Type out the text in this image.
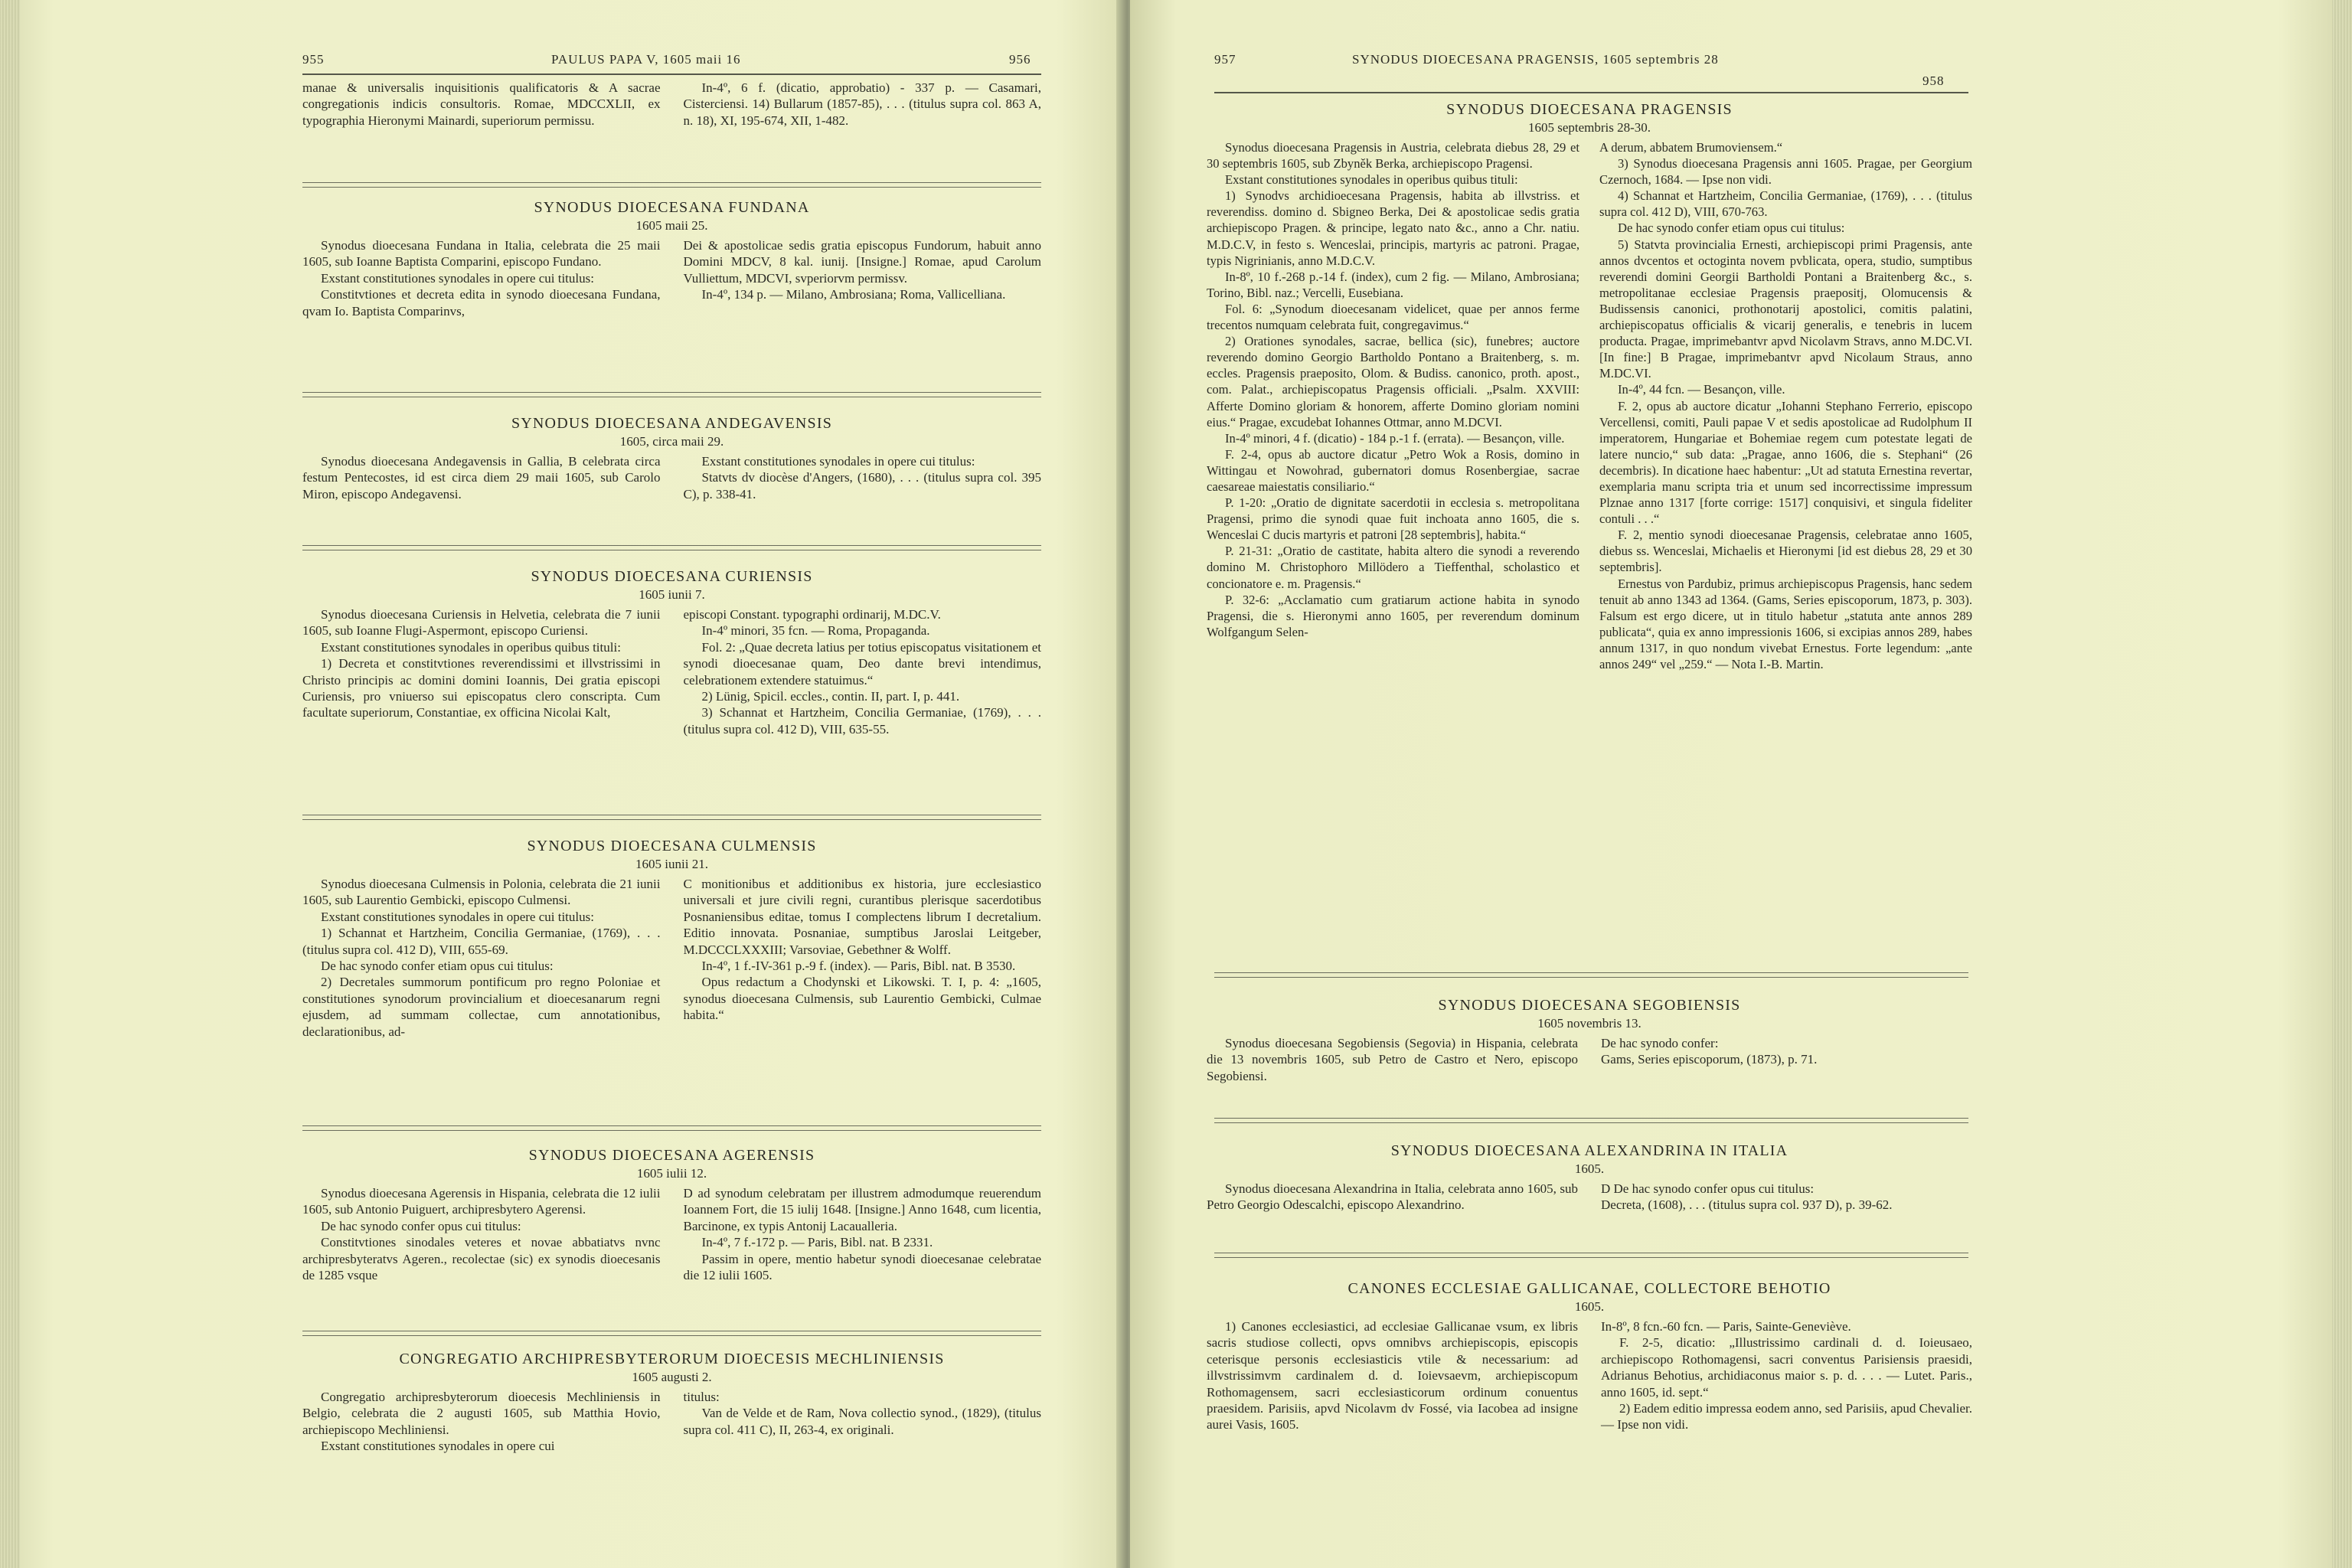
955	PAULUS PAPA V, 1605 maii 16	956

manae & universalis inquisitionis qualificatoris & A sacrae congregationis indicis consultoris. Romae, MDCCXLII, ex typographia Hieronymi Mainardi, superiorum permissu.

In-4º, 6 f. (dicatio, approbatio) - 337 p. — Casamari, Cisterciensi. 14) Bullarum (1857-85), . . . (titulus supra col. 863 A, n. 18), XI, 195-674, XII, 1-482.

SYNODUS DIOECESANA FUNDANA
1605 maii 25.

Synodus dioecesana Fundana in Italia, celebrata die 25 maii 1605, sub Ioanne Baptista Comparini, episcopo Fundano.

Exstant constitutiones synodales in opere cui titulus:

Constitvtiones et decreta edita in synodo dioecesana Fundana, qvam Io. Baptista Comparinvs,

Dei & apostolicae sedis gratia episcopus Fundorum, habuit anno Domini MDCV, 8 kal. iunij. [Insigne.] Romae, apud Carolum Vulliettum, MDCVI, svperiorvm permissv.

In-4º, 134 p. — Milano, Ambrosiana; Roma, Vallicelliana.

SYNODUS DIOECESANA ANDEGAVENSIS
1605, circa maii 29.

Synodus dioecesana Andegavensis in Gallia, B celebrata circa festum Pentecostes, id est circa diem 29 maii 1605, sub Carolo Miron, episcopo Andegavensi.

Exstant constitutiones synodales in opere cui titulus:

Statvts dv diocèse d'Angers, (1680), . . . (titulus supra col. 395 C), p. 338-41.

SYNODUS DIOECESANA CURIENSIS
1605 iunii 7.

Synodus dioecesana Curiensis in Helvetia, celebrata die 7 iunii 1605, sub Ioanne Flugi-Aspermont, episcopo Curiensi.

Exstant constitutiones synodales in operibus quibus tituli:

1) Decreta et constitvtiones reverendissimi et illvstrissimi in Christo principis ac domini domini Ioannis, Dei gratia episcopi Curiensis, pro vniuerso sui episcopatus clero conscripta. Cum facultate superiorum, Constantiae, ex officina Nicolai Kalt,

episcopi Constant. typographi ordinarij, M.DC.V.

In-4º minori, 35 fcn. — Roma, Propaganda.

Fol. 2: „Quae decreta latius per totius episcopatus visitationem et synodi dioecesanae quam, Deo dante brevi intendimus, celebrationem extendere statuimus.“

2) Lünig, Spicil. eccles., contin. II, part. I, p. 441.

3) Schannat et Hartzheim, Concilia Germaniae, (1769), . . . (titulus supra col. 412 D), VIII, 635-55.

SYNODUS DIOECESANA CULMENSIS
1605 iunii 21.

Synodus dioecesana Culmensis in Polonia, celebrata die 21 iunii 1605, sub Laurentio Gembicki, episcopo Culmensi.

Exstant constitutiones synodales in opere cui titulus:

1) Schannat et Hartzheim, Concilia Germaniae, (1769), . . . (titulus supra col. 412 D), VIII, 655-69.

De hac synodo confer etiam opus cui titulus:

2) Decretales summorum pontificum pro regno Poloniae et constitutiones synodorum provincialium et dioecesanarum regni ejusdem, ad summam collectae, cum annotationibus, declarationibus, ad-

C monitionibus et additionibus ex historia, jure ecclesiastico universali et jure civili regni, curantibus plerisque sacerdotibus Posnaniensibus editae, tomus I complectens librum I decretalium. Editio innovata. Posnaniae, sumptibus Jaroslai Leitgeber, M.DCCCLXXXIII; Varsoviae, Gebethner & Wolff.

In-4º, 1 f.-IV-361 p.-9 f. (index). — Paris, Bibl. nat. B 3530.

Opus redactum a Chodynski et Likowski. T. I, p. 4: „1605, synodus dioecesana Culmensis, sub Laurentio Gembicki, Culmae habita.“

SYNODUS DIOECESANA AGERENSIS
1605 iulii 12.

Synodus dioecesana Agerensis in Hispania, celebrata die 12 iulii 1605, sub Antonio Puiguert, archipresbytero Agerensi.

De hac synodo confer opus cui titulus:

Constitvtiones sinodales veteres et novae abbatiatvs nvnc archipresbyteratvs Ageren., recolectae (sic) ex synodis dioecesanis de 1285 vsque

D ad synodum celebratam per illustrem admodumque reuerendum Ioannem Fort, die 15 iulij 1648. [Insigne.] Anno 1648, cum licentia, Barcinone, ex typis Antonij Lacaualleria.

In-4º, 7 f.-172 p. — Paris, Bibl. nat. B 2331.

Passim in opere, mentio habetur synodi dioecesanae celebratae die 12 iulii 1605.

CONGREGATIO ARCHIPRESBYTERORUM DIOECESIS MECHLINIENSIS
1605 augusti 2.

Congregatio archipresbyterorum dioecesis Mechliniensis in Belgio, celebrata die 2 augusti 1605, sub Matthia Hovio, archiepiscopo Mechliniensi.

Exstant constitutiones synodales in opere cui

titulus:

Van de Velde et de Ram, Nova collectio synod., (1829), (titulus supra col. 411 C), II, 263-4, ex originali.

957	SYNODUS DIOECESANA PRAGENSIS, 1605 septembris 28
958
SYNODUS DIOECESANA PRAGENSIS
1605 septembris 28-30.

Synodus dioecesana Pragensis in Austria, celebrata diebus 28, 29 et 30 septembris 1605, sub Zbyněk Berka, archiepiscopo Pragensi.

Exstant constitutiones synodales in operibus quibus tituli:

1) Synodvs archidioecesana Pragensis, habita ab illvstriss. et reverendiss. domino d. Sbigneo Berka, Dei & apostolicae sedis gratia archiepiscopo Pragen. & principe, legato nato &c., anno a Chr. natiu. M.D.C.V, in festo s. Wenceslai, principis, martyris ac patroni. Pragae, typis Nigrinianis, anno M.D.C.V.

In-8º, 10 f.-268 p.-14 f. (index), cum 2 fig. — Milano, Ambrosiana; Torino, Bibl. naz.; Vercelli, Eusebiana.

Fol. 6: „Synodum dioecesanam videlicet, quae per annos ferme trecentos numquam celebrata fuit, congregavimus.“

2) Orationes synodales, sacrae, bellica (sic), funebres; auctore reverendo domino Georgio Bartholdo Pontano a Braitenberg, s. m. eccles. Pragensis praeposito, Olom. & Budiss. canonico, proth. apost., com. Palat., archiepiscopatus Pragensis officiali. „Psalm. XXVIII: Afferte Domino gloriam & honorem, afferte Domino gloriam nomini eius.“ Pragae, excudebat Iohannes Ottmar, anno M.DCVI.

In-4º minori, 4 f. (dicatio) - 184 p.-1 f. (errata). — Besançon, ville.

F. 2-4, opus ab auctore dicatur „Petro Wok a Rosis, domino in Wittingau et Nowohrad, gubernatori domus Rosenbergiae, sacrae caesareae maiestatis consiliario.“

P. 1-20: „Oratio de dignitate sacerdotii in ecclesia s. metropolitana Pragensi, primo die synodi quae fuit inchoata anno 1605, die s. Wenceslai C ducis martyris et patroni [28 septembris], habita.“

P. 21-31: „Oratio de castitate, habita altero die synodi a reverendo domino M. Christophoro Millödero a Tieffenthal, scholastico et concionatore e. m. Pragensis.“

P. 32-6: „Acclamatio cum gratiarum actione habita in synodo Pragensi, die s. Hieronymi anno 1605, per reverendum dominum Wolfgangum Selen-

A derum, abbatem Brumoviensem.“

3) Synodus dioecesana Pragensis anni 1605. Pragae, per Georgium Czernoch, 1684. — Ipse non vidi.

4) Schannat et Hartzheim, Concilia Germaniae, (1769), . . . (titulus supra col. 412 D), VIII, 670-763.

De hac synodo confer etiam opus cui titulus:

5) Statvta provincialia Ernesti, archiepiscopi primi Pragensis, ante annos dvcentos et octoginta novem pvblicata, opera, studio, sumptibus reverendi domini Georgii Bartholdi Pontani a Braitenberg &c., s. metropolitanae ecclesiae Pragensis praepositj, Olomucensis & Budissensis canonici, prothonotarij apostolici, comitis palatini, archiepiscopatus officialis & vicarij generalis, e tenebris in lucem producta. Pragae, imprimebantvr apvd Nicolavm Stravs, anno M.DC.VI. [In fine:] B Pragae, imprimebantvr apvd Nicolaum Straus, anno M.DC.VI.

In-4º, 44 fcn. — Besançon, ville.

F. 2, opus ab auctore dicatur „Iohanni Stephano Ferrerio, episcopo Vercellensi, comiti, Pauli papae V et sedis apostolicae ad Rudolphum II imperatorem, Hungariae et Bohemiae regem cum potestate legati de latere nuncio,“ sub data: „Pragae, anno 1606, die s. Stephani“ (26 decembris). In dicatione haec habentur: „Ut ad statuta Ernestina revertar, exemplaria manu scripta tria et unum sed incorrectissime impressum Plznae anno 1317 [forte corrige: 1517] conquisivi, et singula fideliter contuli . . .“

F. 2, mentio synodi dioecesanae Pragensis, celebratae anno 1605, diebus ss. Wenceslai, Michaelis et Hieronymi [id est diebus 28, 29 et 30 septembris].

Ernestus von Pardubiz, primus archiepiscopus Pragensis, hanc sedem tenuit ab anno 1343 ad 1364. (Gams, Series episcoporum, 1873, p. 303). Falsum est ergo dicere, ut in titulo habetur „statuta ante annos 289 publicata“, quia ex anno impressionis 1606, si excipias annos 289, habes annum 1317, in quo nondum vivebat Ernestus. Forte legendum: „ante annos 249“ vel „259.“ — Nota I.-B. Martin.

SYNODUS DIOECESANA SEGOBIENSIS
1605 novembris 13.

Synodus dioecesana Segobiensis (Segovia) in Hispania, celebrata die 13 novembris 1605, sub Petro de Castro et Nero, episcopo Segobiensi.

De hac synodo confer:

Gams, Series episcoporum, (1873), p. 71.

SYNODUS DIOECESANA ALEXANDRINA IN ITALIA
1605.

Synodus dioecesana Alexandrina in Italia, celebrata anno 1605, sub Petro Georgio Odescalchi, episcopo Alexandrino.

D De hac synodo confer opus cui titulus:

Decreta, (1608), . . . (titulus supra col. 937 D), p. 39-62.

CANONES ECCLESIAE GALLICANAE, COLLECTORE BEHOTIO
1605.

1) Canones ecclesiastici, ad ecclesiae Gallicanae vsum, ex libris sacris studiose collecti, opvs omnibvs archiepiscopis, episcopis ceterisque personis ecclesiasticis vtile & necessarium: ad illvstrissimvm cardinalem d. d. Ioievsaevm, archiepiscopum Rothomagensem, sacri ecclesiasticorum ordinum conuentus praesidem. Parisiis, apvd Nicolavm dv Fossé, via Iacobea ad insigne aurei Vasis, 1605.

In-8º, 8 fcn.-60 fcn. — Paris, Sainte-Geneviève.

F. 2-5, dicatio: „Illustrissimo cardinali d. d. Ioieusaeo, archiepiscopo Rothomagensi, sacri conventus Parisiensis praesidi, Adrianus Behotius, archidiaconus maior s. p. d. . . . — Lutet. Paris., anno 1605, id. sept.“

2) Eadem editio impressa eodem anno, sed Parisiis, apud Chevalier. — Ipse non vidi.
